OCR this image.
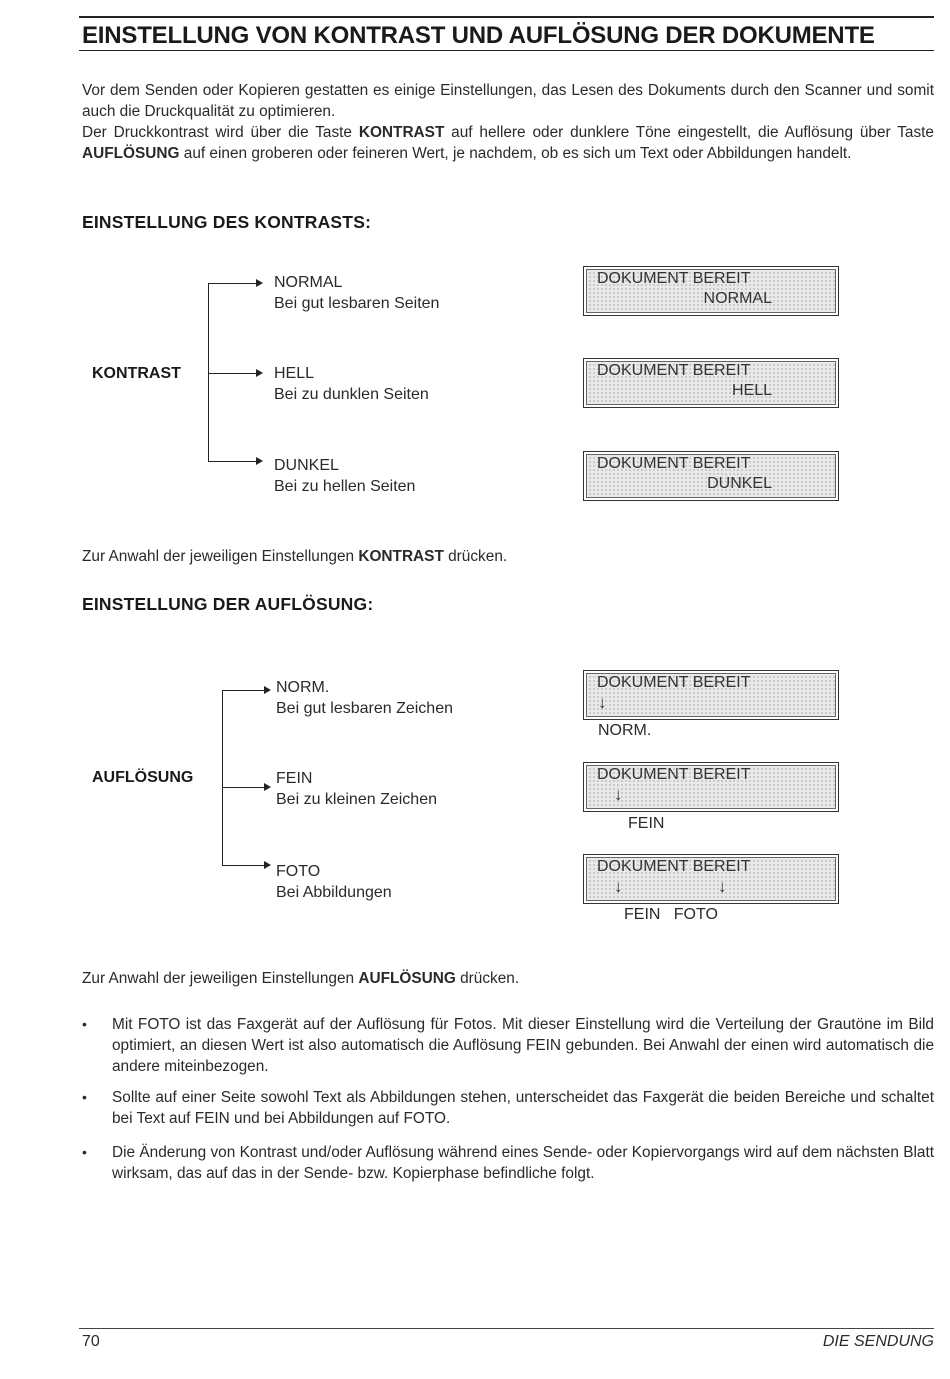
EINSTELLUNG VON KONTRAST UND AUFLÖSUNG DER DOKUMENTE
Vor dem Senden oder Kopieren gestatten es einige Einstellungen, das Lesen des Dokuments durch den Scanner und somit auch die Druckqualität zu optimieren.
Der Druckkontrast wird über die Taste KONTRAST auf hellere oder dunklere Töne eingestellt, die Auflösung über Taste AUFLÖSUNG auf einen groberen oder feineren Wert, je nachdem, ob es sich um Text oder Abbildungen handelt.
EINSTELLUNG DES KONTRASTS:
KONTRAST
NORMAL
Bei gut lesbaren Seiten
HELL
Bei zu dunklen Seiten
DUNKEL
Bei zu hellen Seiten
DOKUMENT BEREIT
NORMAL
DOKUMENT BEREIT
HELL
DOKUMENT BEREIT
DUNKEL
Zur Anwahl der jeweiligen Einstellungen KONTRAST drücken.
EINSTELLUNG DER AUFLÖSUNG:
AUFLÖSUNG
NORM.
Bei gut lesbaren Zeichen
FEIN
Bei zu kleinen Zeichen
FOTO
Bei Abbildungen
DOKUMENT BEREIT
↓
NORM.
DOKUMENT BEREIT
↓
FEIN
DOKUMENT BEREIT
↓	↓
FEIN   FOTO
Zur Anwahl der jeweiligen Einstellungen AUFLÖSUNG drücken.
• Mit FOTO ist das Faxgerät auf der Auflösung für Fotos. Mit dieser Einstellung wird die Verteilung der Grautöne im Bild optimiert, an diesen Wert ist also automatisch die Auflösung FEIN gebunden. Bei Anwahl der einen wird automatisch die andere miteinbezogen.
• Sollte auf einer Seite sowohl Text als Abbildungen stehen, unterscheidet das Faxgerät die beiden Bereiche und schaltet bei Text auf FEIN und bei Abbildungen auf FOTO.
• Die Änderung von Kontrast und/oder Auflösung während eines Sende- oder Kopiervorgangs wird auf dem nächsten Blatt wirksam, das auf das in der Sende- bzw. Kopierphase befindliche folgt.
70	DIE SENDUNG
